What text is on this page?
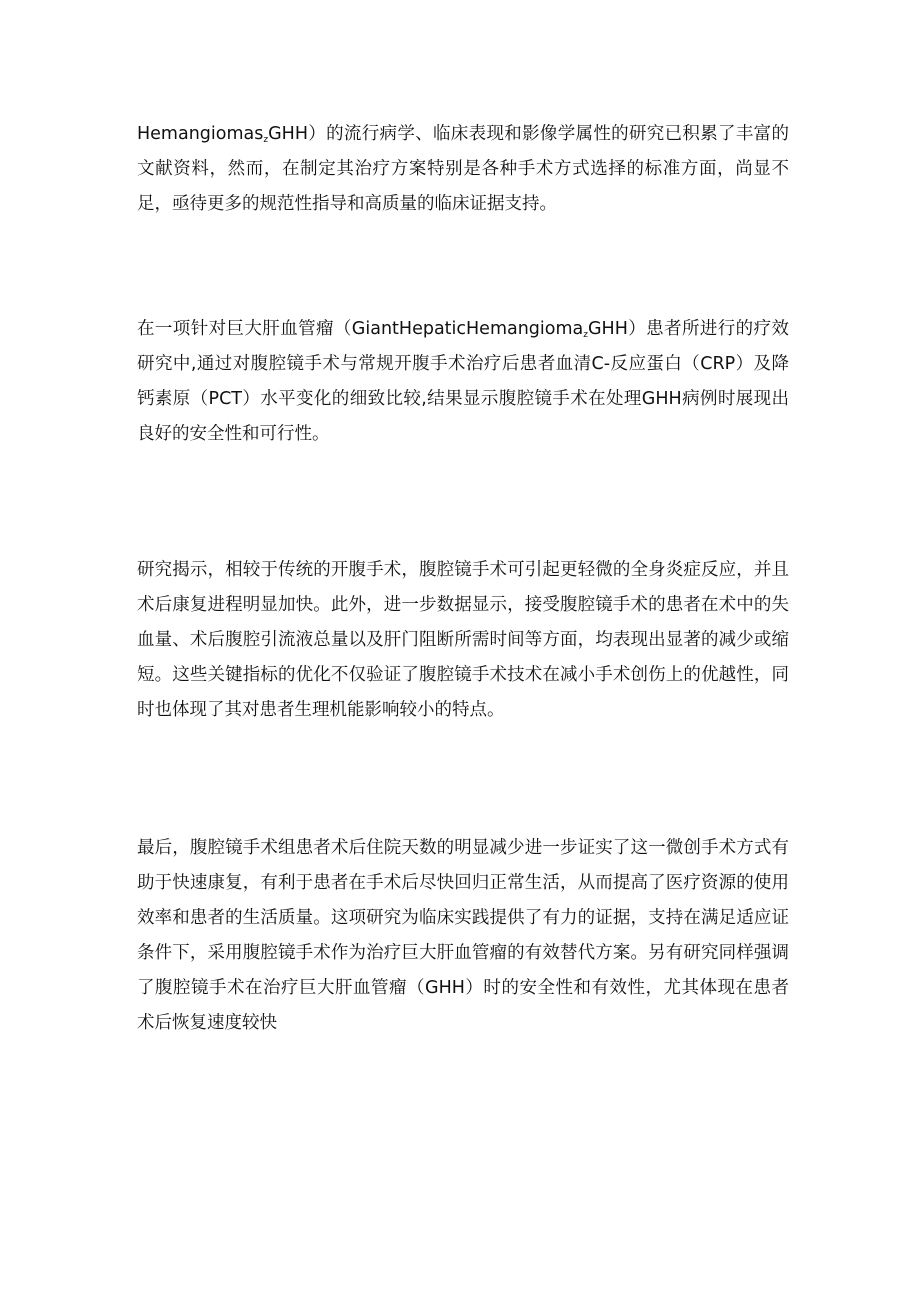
Hemangiomas$_z$GHH）的流行病学、临床表现和影像学属性的研究已积累了丰富的文献资料，然而，在制定其治疗方案特别是各种手术方式选择的标准方面，尚显不足，亟待更多的规范性指导和高质量的临床证据支持。

在一项针对巨大肝血管瘤（GiantHepaticHemangioma$_z$GHH）患者所进行的疗效研究中,通过对腹腔镜手术与常规开腹手术治疗后患者血清C-反应蛋白（CRP）及降钙素原（PCT）水平变化的细致比较,结果显示腹腔镜手术在处理GHH病例时展现出良好的安全性和可行性。

研究揭示，相较于传统的开腹手术，腹腔镜手术可引起更轻微的全身炎症反应，并且术后康复进程明显加快。此外，进一步数据显示，接受腹腔镜手术的患者在术中的失血量、术后腹腔引流液总量以及肝门阻断所需时间等方面，均表现出显著的减少或缩短。这些关键指标的优化不仅验证了腹腔镜手术技术在减小手术创伤上的优越性，同时也体现了其对患者生理机能影响较小的特点。

最后，腹腔镜手术组患者术后住院天数的明显减少进一步证实了这一微创手术方式有助于快速康复，有利于患者在手术后尽快回归正常生活，从而提高了医疗资源的使用效率和患者的生活质量。这项研究为临床实践提供了有力的证据，支持在满足适应证条件下，采用腹腔镜手术作为治疗巨大肝血管瘤的有效替代方案。另有研究同样强调了腹腔镜手术在治疗巨大肝血管瘤（GHH）时的安全性和有效性，尤其体现在患者术后恢复速度较快
